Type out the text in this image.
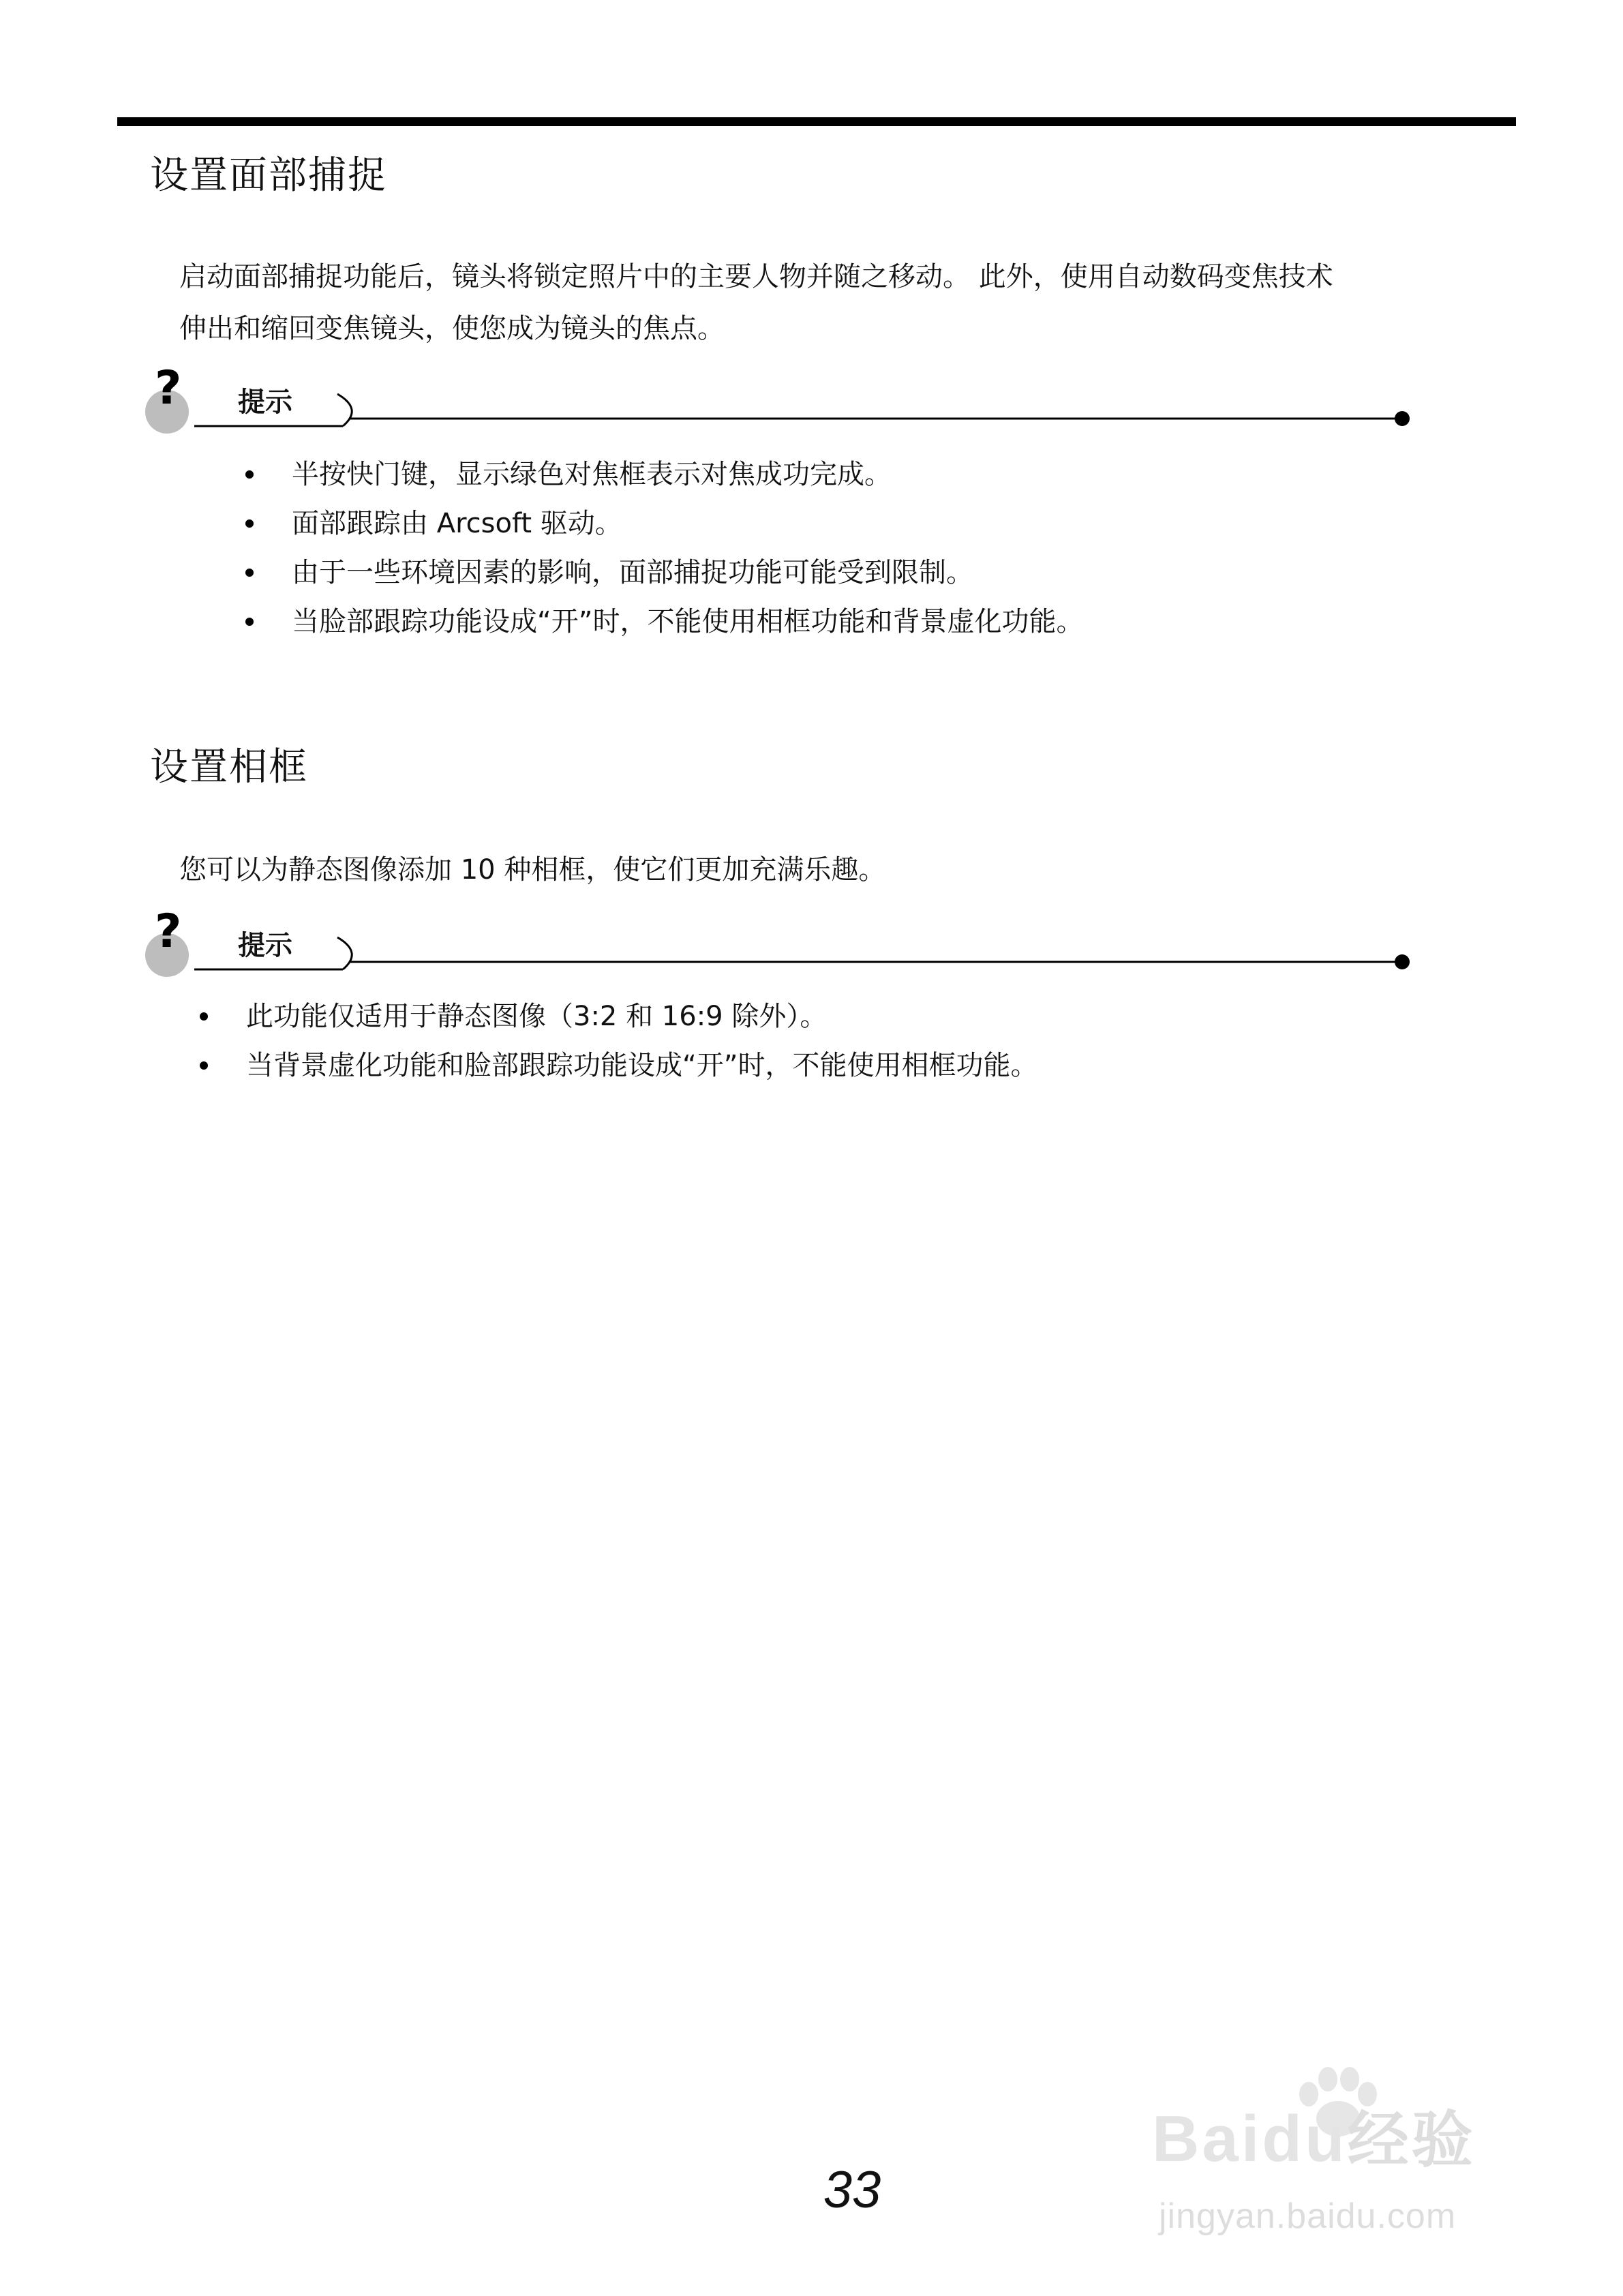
设置面部捕捉
启动面部捕捉功能后，镜头将锁定照片中的主要人物并随之移动。 此外，使用自动数码变焦技术
伸出和缩回变焦镜头，使您成为镜头的焦点。
? 提示
半按快门键，显示绿色对焦框表示对焦成功完成。
面部跟踪由 Arcsoft 驱动。
由于一些环境因素的影响，面部捕捉功能可能受到限制。
当脸部跟踪功能设成“开”时，不能使用相框功能和背景虚化功能。
设置相框
您可以为静态图像添加 10 种相框，使它们更加充满乐趣。
? 提示
此功能仅适用于静态图像（3:2 和 16:9 除外）。
当背景虚化功能和脸部跟踪功能设成“开”时，不能使用相框功能。
33
Baidu经验
jingyan.baidu.com
